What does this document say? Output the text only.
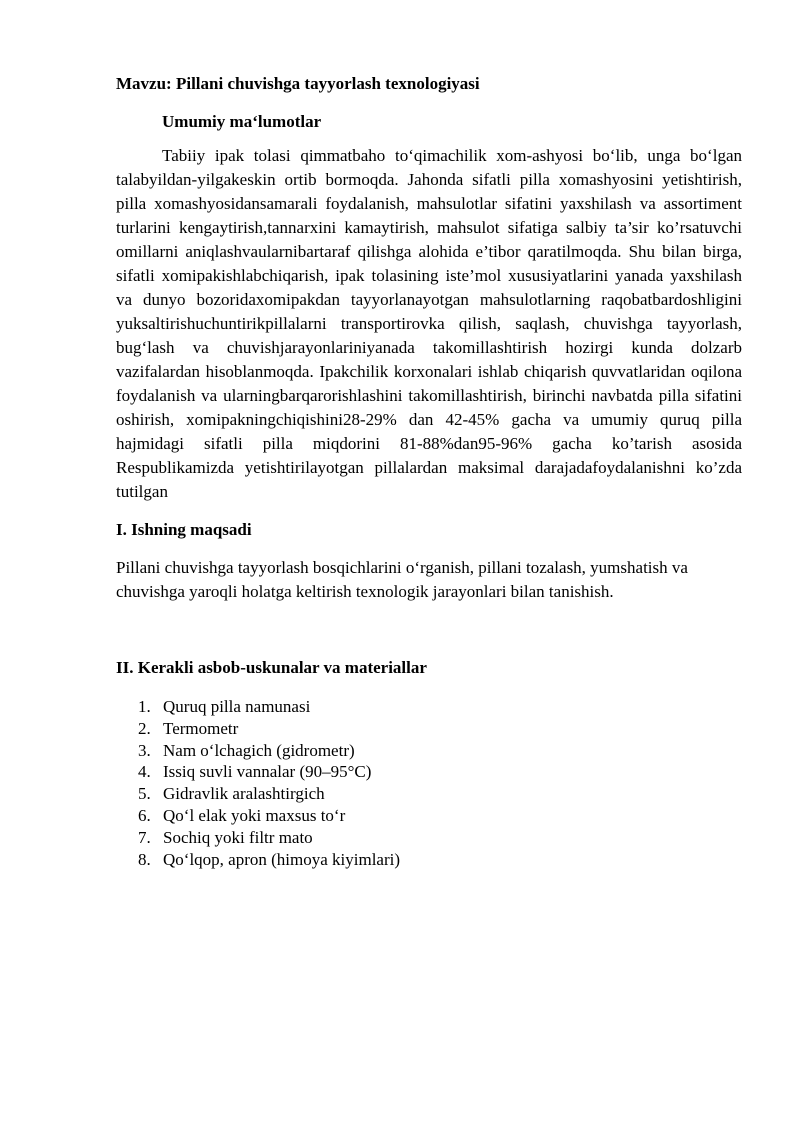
Mavzu: Pillani chuvishga tayyorlash texnologiyasi

Umumiy ma‘lumotlar

Tabiiy ipak tolasi qimmatbaho to‘qimachilik xom-ashyosi bo‘lib, unga bo‘lgan talabyildan-yilgakeskin ortib bormoqda. Jahonda sifatli pilla xomashyosini yetishtirish, pilla xomashyosidansamarali foydalanish, mahsulotlar sifatini yaxshilash va assortiment turlarini kengaytirish,tannarxini kamaytirish, mahsulot sifatiga salbiy ta’sir ko’rsatuvchi omillarni aniqlashvaularnibartaraf qilishga alohida e’tibor qaratilmoqda. Shu bilan birga, sifatli xomipakishlabchiqarish, ipak tolasining iste’mol xususiyatlarini yanada yaxshilash va dunyo bozoridaxomipakdan tayyorlanayotgan mahsulotlarning raqobatbardoshligini yuksaltirishuchuntirikpillalarni transportirovka qilish, saqlash, chuvishga tayyorlash, bug‘lash va chuvishjarayonlariniyanada takomillashtirish hozirgi kunda dolzarb vazifalardan hisoblanmoqda. Ipakchilik korxonalari ishlab chiqarish quvvatlaridan oqilona foydalanish va ularningbarqarorishlashini takomillashtirish, birinchi navbatda pilla sifatini oshirish, xomipakningchiqishini28-29% dan 42-45% gacha va umumiy quruq pilla hajmidagi sifatli pilla miqdorini 81-88%dan95-96% gacha ko’tarish asosida Respublikamizda yetishtirilayotgan pillalardan maksimal darajadafoydalanishni ko’zda tutilgan

I. Ishning maqsadi

Pillani chuvishga tayyorlash bosqichlarini o‘rganish, pillani tozalash, yumshatish va chuvishga yaroqli holatga keltirish texnologik jarayonlari bilan tanishish.

II. Kerakli asbob-uskunalar va materiallar

1. Quruq pilla namunasi
2. Termometr
3. Nam o‘lchagich (gidrometr)
4. Issiq suvli vannalar (90–95°C)
5. Gidravlik aralashtirgich
6. Qo‘l elak yoki maxsus to‘r
7. Sochiq yoki filtr mato
8. Qo‘lqop, apron (himoya kiyimlari)
